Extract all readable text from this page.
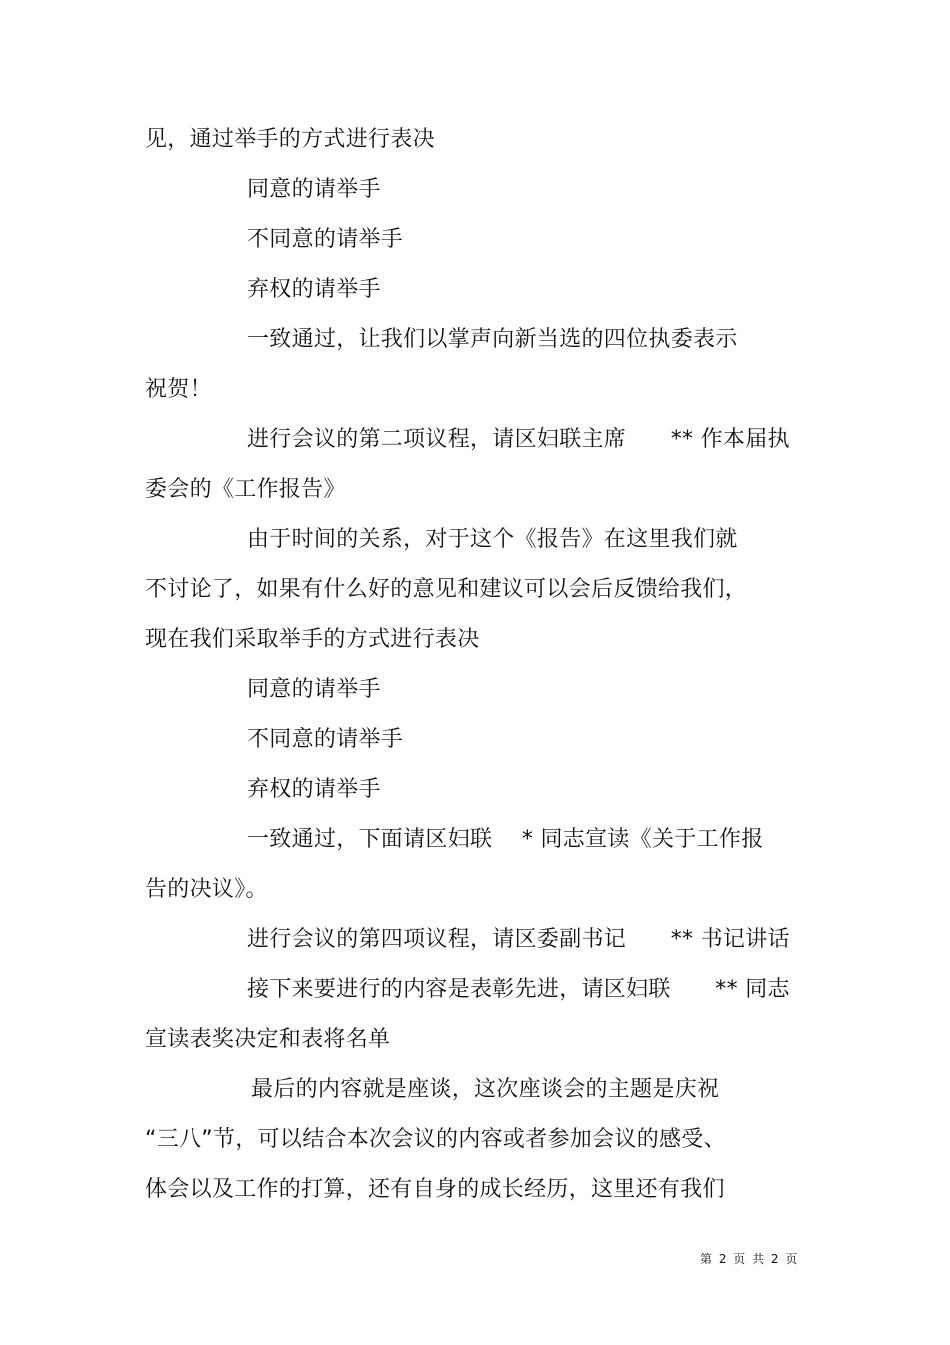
见，通过举手的方式进行表决
同意的请举手
不同意的请举手
弃权的请举手
一致通过，让我们以掌声向新当选的四位执委表示
祝贺！
进行会议的第二项议程，请区妇联主席　　** 作本届执
委会的《工作报告》
由于时间的关系，对于这个《报告》在这里我们就
不讨论了，如果有什么好的意见和建议可以会后反馈给我们，
现在我们采取举手的方式进行表决
同意的请举手
不同意的请举手
弃权的请举手
一致通过，下面请区妇联　 * 同志宣读《关于工作报
告的决议》。
进行会议的第四项议程，请区委副书记　　** 书记讲话
接下来要进行的内容是表彰先进，请区妇联　　** 同志
宣读表奖决定和表将名单
最后的内容就是座谈，这次座谈会的主题是庆祝
“三八”节，可以结合本次会议的内容或者参加会议的感受、
体会以及工作的打算，还有自身的成长经历，这里还有我们
第 2 页 共 2 页
